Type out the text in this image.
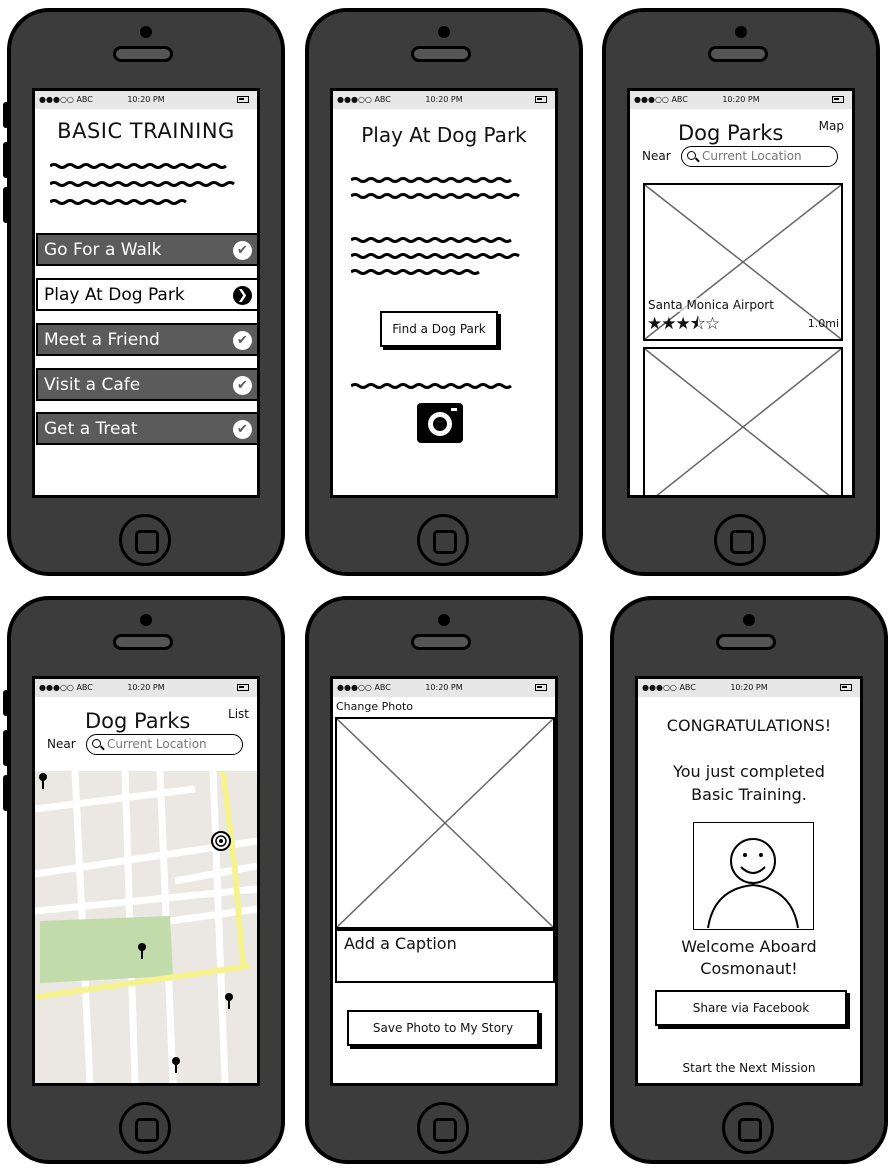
●●●○○ ABC	10:20 PM
BASIC TRAINING
Go For a Walk	✔
Play At Dog Park	❯
Meet a Friend	✔
Visit a Cafe	✔
Get a Treat	✔
●●●○○ ABC	10:20 PM
Play At Dog Park
Find a Dog Park
●●●○○ ABC	10:20 PM
Dog Parks	Map
Near	Current Location
Santa Monica Airport
★★★⯪☆	1.0mi
●●●○○ ABC	10:20 PM
Dog Parks	List
Near	Current Location
●●●○○ ABC	10:20 PM
Change Photo
Add a Caption
Save Photo to My Story
●●●○○ ABC	10:20 PM
CONGRATULATIONS!
You just completed
Basic Training.
Welcome Aboard
Cosmonaut!
Share via Facebook
Start the Next Mission
